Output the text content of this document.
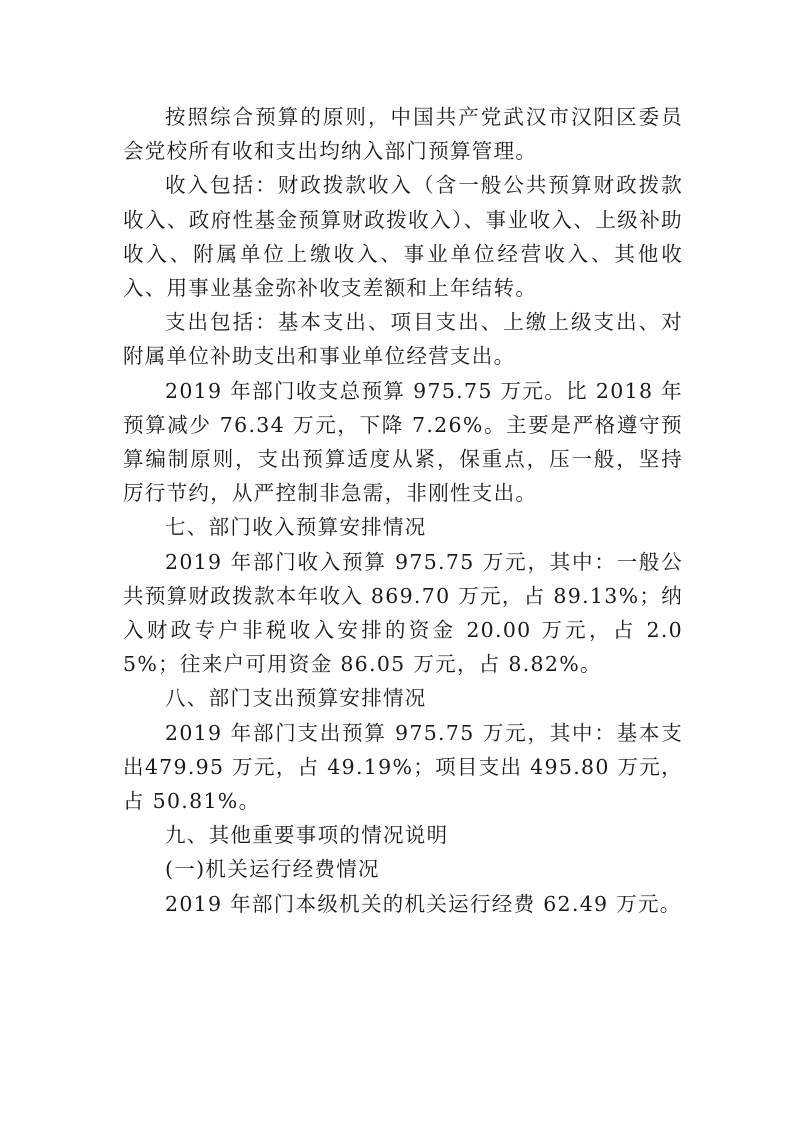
按照综合预算的原则，中国共产党武汉市汉阳区委员会党校所有收和支出均纳入部门预算管理。

收入包括：财政拨款收入（含一般公共预算财政拨款收入、政府性基金预算财政拨收入）、事业收入、上级补助收入、附属单位上缴收入、事业单位经营收入、其他收入、用事业基金弥补收支差额和上年结转。

支出包括：基本支出、项目支出、上缴上级支出、对附属单位补助支出和事业单位经营支出。

2019 年部门收支总预算 975.75 万元。比 2018 年预算减少 76.34 万元，下降 7.26%。主要是严格遵守预算编制原则，支出预算适度从紧，保重点，压一般，坚持厉行节约，从严控制非急需，非刚性支出。

七、部门收入预算安排情况

2019 年部门收入预算 975.75 万元，其中：一般公共预算财政拨款本年收入 869.70 万元，占 89.13%；纳入财政专户非税收入安排的资金 20.00 万元，占 2.05%；往来户可用资金 86.05 万元，占 8.82%。

八、部门支出预算安排情况

2019 年部门支出预算 975.75 万元，其中：基本支出479.95 万元，占 49.19%；项目支出 495.80 万元，占 50.81%。

九、其他重要事项的情况说明

(一)机关运行经费情况

2019 年部门本级机关的机关运行经费 62.49 万元。
